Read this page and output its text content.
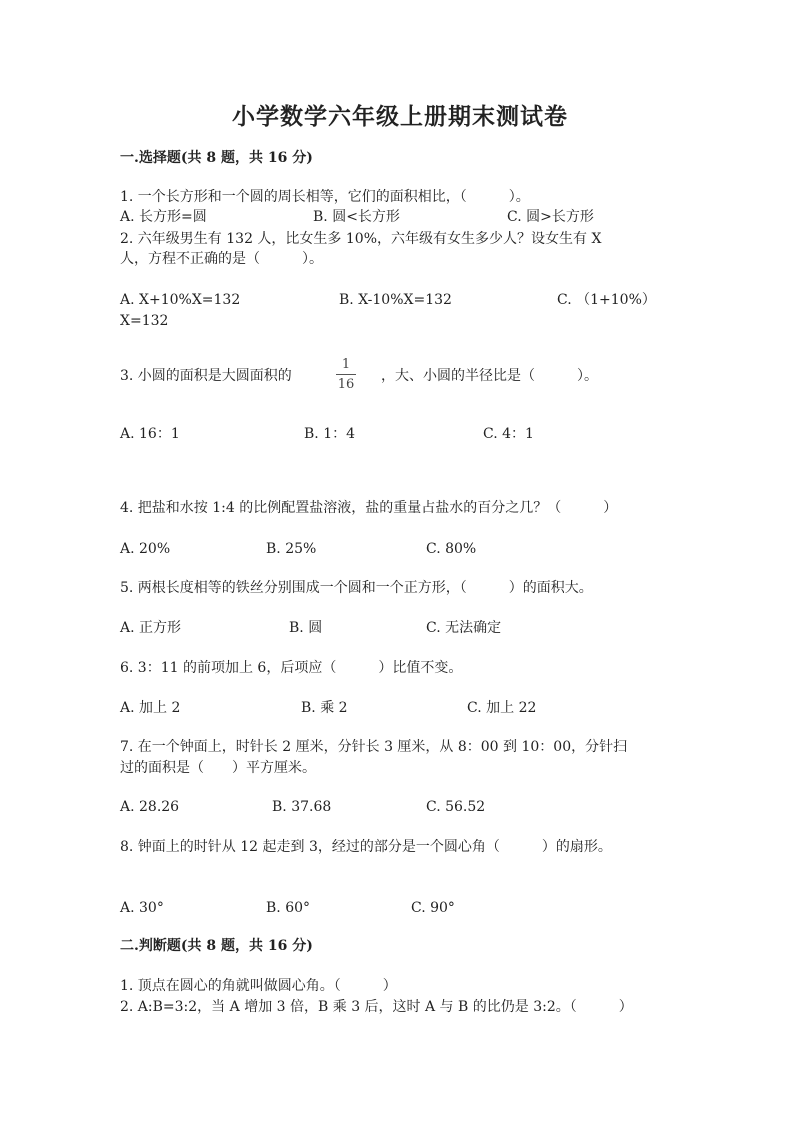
小学数学六年级上册期末测试卷
一.选择题(共 8 题，共 16 分)
1. 一个长方形和一个圆的周长相等，它们的面积相比，（　　　）。
A. 长方形=圆	B. 圆<长方形	C. 圆>长方形
2. 六年级男生有 132 人，比女生多 10%，六年级有女生多少人？设女生有 X
人，方程不正确的是（　　　）。
A. X+10%X=132	B. X-10%X=132	C. （1+10%）
X=132
3. 小圆的面积是大圆面积的
1
16
，大、小圆的半径比是（　　　）。
A. 16：1	B. 1：4	C. 4：1
4. 把盐和水按 1:4 的比例配置盐溶液，盐的重量占盐水的百分之几？（　　　）
A. 20%	B. 25%	C. 80%
5. 两根长度相等的铁丝分别围成一个圆和一个正方形，（　　　）的面积大。
A. 正方形	B. 圆	C. 无法确定
6. 3：11 的前项加上 6，后项应（　　　）比值不变。
A. 加上 2	B. 乘 2	C. 加上 22
7. 在一个钟面上，时针长 2 厘米，分针长 3 厘米，从 8：00 到 10：00，分针扫
过的面积是（　　）平方厘米。
A. 28.26	B. 37.68	C. 56.52
8. 钟面上的时针从 12 起走到 3，经过的部分是一个圆心角（　　　）的扇形。
A. 30°	B. 60°	C. 90°
二.判断题(共 8 题，共 16 分)
1. 顶点在圆心的角就叫做圆心角。（　　　）
2. A:B=3:2，当 A 增加 3 倍，B 乘 3 后，这时 A 与 B 的比仍是 3:2。（　　　）
